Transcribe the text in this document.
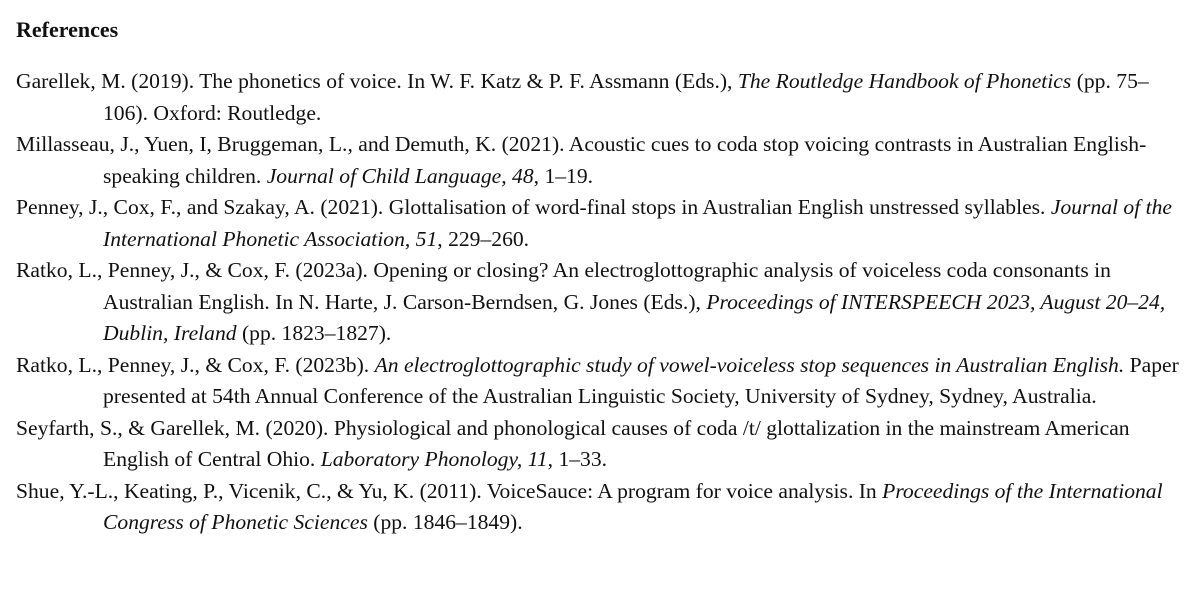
References
Garellek, M. (2019). The phonetics of voice. In W. F. Katz & P. F. Assmann (Eds.), The Routledge Handbook of Phonetics (pp. 75–106). Oxford: Routledge.
Millasseau, J., Yuen, I, Bruggeman, L., and Demuth, K. (2021). Acoustic cues to coda stop voicing contrasts in Australian English-speaking children. Journal of Child Language, 48, 1–19.
Penney, J., Cox, F., and Szakay, A. (2021). Glottalisation of word-final stops in Australian English unstressed syllables. Journal of the International Phonetic Association, 51, 229–260.
Ratko, L., Penney, J., & Cox, F. (2023a). Opening or closing? An electroglottographic analysis of voiceless coda consonants in Australian English. In N. Harte, J. Carson-Berndsen, G. Jones (Eds.), Proceedings of INTERSPEECH 2023, August 20–24, Dublin, Ireland (pp. 1823–1827).
Ratko, L., Penney, J., & Cox, F. (2023b). An electroglottographic study of vowel-voiceless stop sequences in Australian English. Paper presented at 54th Annual Conference of the Australian Linguistic Society, University of Sydney, Sydney, Australia.
Seyfarth, S., & Garellek, M. (2020). Physiological and phonological causes of coda /t/ glottalization in the mainstream American English of Central Ohio. Laboratory Phonology, 11, 1–33.
Shue, Y.-L., Keating, P., Vicenik, C., & Yu, K. (2011). VoiceSauce: A program for voice analysis. In Proceedings of the International Congress of Phonetic Sciences (pp. 1846–1849).
